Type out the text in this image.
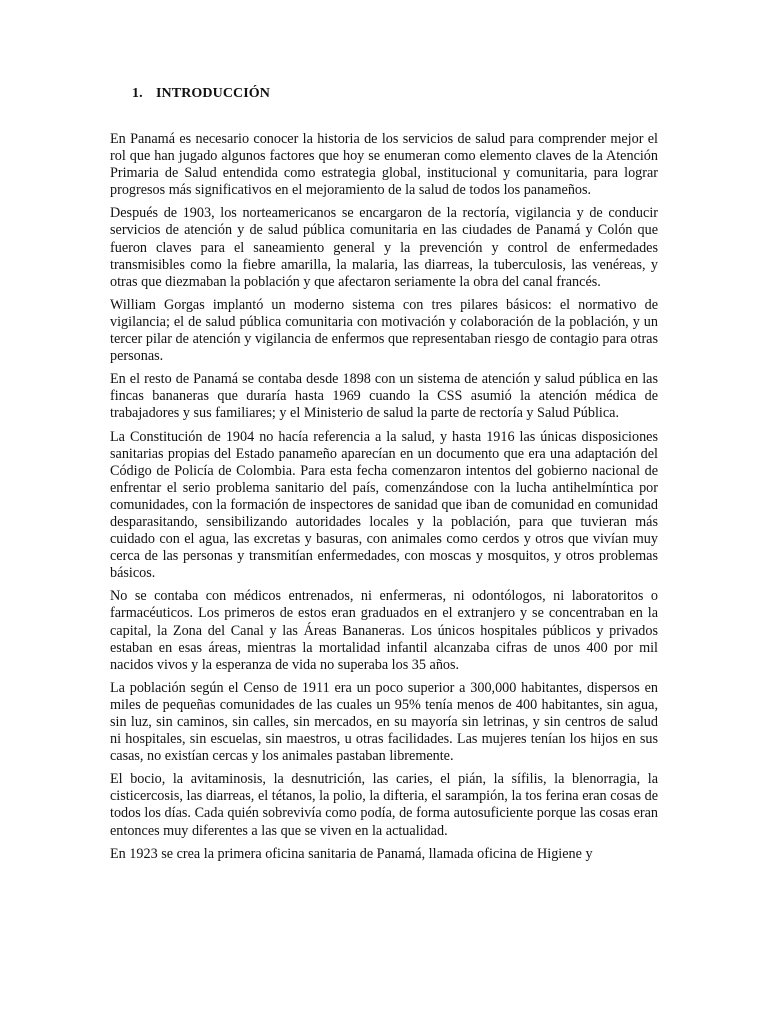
1. INTRODUCCIÓN

En Panamá es necesario conocer la historia de los servicios de salud para comprender mejor el rol que han jugado algunos factores que hoy se enumeran como elemento claves de la Atención Primaria de Salud entendida como estrategia global, institucional y comunitaria, para lograr progresos más significativos en el mejoramiento de la salud de todos los panameños.

Después de 1903, los norteamericanos se encargaron de la rectoría, vigilancia y de conducir servicios de atención y de salud pública comunitaria en las ciudades de Panamá y Colón que fueron claves para el saneamiento general y la prevención y control de enfermedades transmisibles como la fiebre amarilla, la malaria, las diarreas, la tuberculosis, las venéreas, y otras que diezmaban la población y que afectaron seriamente la obra del canal francés.

William Gorgas implantó un moderno sistema con tres pilares básicos: el normativo de vigilancia; el de salud pública comunitaria con motivación y colaboración de la población, y un tercer pilar de atención y vigilancia de enfermos que representaban riesgo de contagio para otras personas.

En el resto de Panamá se contaba desde 1898 con un sistema de atención y salud pública en las fincas bananeras que duraría hasta 1969 cuando la CSS asumió la atención médica de trabajadores y sus familiares; y el Ministerio de salud la parte de rectoría y Salud Pública.

La Constitución de 1904 no hacía referencia a la salud, y hasta 1916 las únicas disposiciones sanitarias propias del Estado panameño aparecían en un documento que era una adaptación del Código de Policía de Colombia. Para esta fecha comenzaron intentos del gobierno nacional de enfrentar el serio problema sanitario del país, comenzándose con la lucha antihelmíntica por comunidades, con la formación de inspectores de sanidad que iban de comunidad en comunidad desparasitando, sensibilizando autoridades locales y la población, para que tuvieran más cuidado con el agua, las excretas y basuras, con animales como cerdos y otros que vivían muy cerca de las personas y transmitían enfermedades, con moscas y mosquitos, y otros problemas básicos.

No se contaba con médicos entrenados, ni enfermeras, ni odontólogos, ni laboratoritos o farmacéuticos. Los primeros de estos eran graduados en el extranjero y se concentraban en la capital, la Zona del Canal y las Áreas Bananeras. Los únicos hospitales públicos y privados estaban en esas áreas, mientras la mortalidad infantil alcanzaba cifras de unos 400 por mil nacidos vivos y la esperanza de vida no superaba los 35 años.

La población según el Censo de 1911 era un poco superior a 300,000 habitantes, dispersos en miles de pequeñas comunidades de las cuales un 95% tenía menos de 400 habitantes, sin agua, sin luz, sin caminos, sin calles, sin mercados, en su mayoría sin letrinas, y sin centros de salud ni hospitales, sin escuelas, sin maestros, u otras facilidades. Las mujeres tenían los hijos en sus casas, no existían cercas y los animales pastaban libremente.

El bocio, la avitaminosis, la desnutrición, las caries, el pián, la sífilis, la blenorragia, la cisticercosis, las diarreas, el tétanos, la polio, la difteria, el sarampión, la tos ferina eran cosas de todos los días. Cada quién sobrevivía como podía, de forma autosuficiente porque las cosas eran entonces muy diferentes a las que se viven en la actualidad.

En 1923 se crea la primera oficina sanitaria de Panamá, llamada oficina de Higiene y
